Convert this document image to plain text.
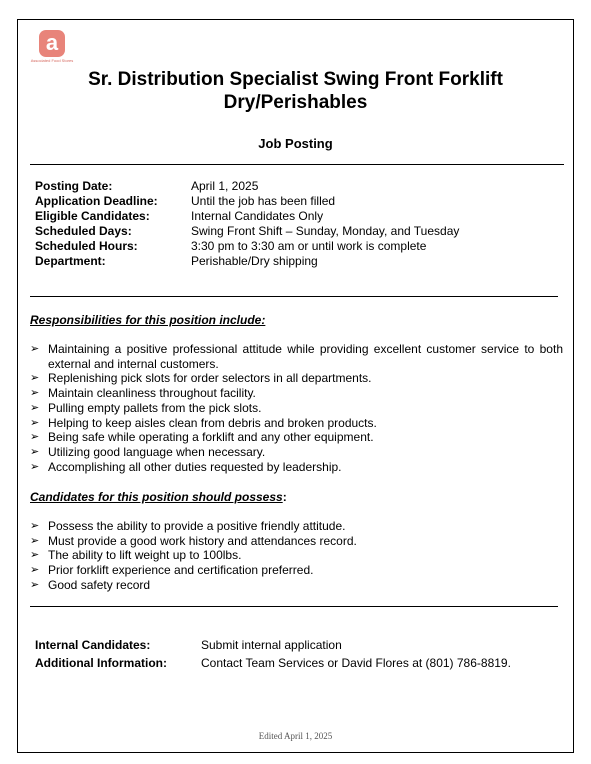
a
Associated Food Stores
Sr. Distribution Specialist Swing Front Forklift
Dry/Perishables
Job Posting
Posting Date:	April 1, 2025
Application Deadline:	Until the job has been filled
Eligible Candidates:	Internal Candidates Only
Scheduled Days:	Swing Front Shift – Sunday, Monday, and Tuesday
Scheduled Hours:	3:30 pm to 3:30 am or until work is complete
Department:	Perishable/Dry shipping
Responsibilities for this position include:
➢ Maintaining a positive professional attitude while providing excellent customer service to both external and internal customers.
➢ Replenishing pick slots for order selectors in all departments.
➢ Maintain cleanliness throughout facility.
➢ Pulling empty pallets from the pick slots.
➢ Helping to keep aisles clean from debris and broken products.
➢ Being safe while operating a forklift and any other equipment.
➢ Utilizing good language when necessary.
➢ Accomplishing all other duties requested by leadership.
Candidates for this position should possess:
➢ Possess the ability to provide a positive friendly attitude.
➢ Must provide a good work history and attendances record.
➢ The ability to lift weight up to 100lbs.
➢ Prior forklift experience and certification preferred.
➢ Good safety record
Internal Candidates:	Submit internal application
Additional Information:	Contact Team Services or David Flores at (801) 786-8819.
Edited April 1, 2025
